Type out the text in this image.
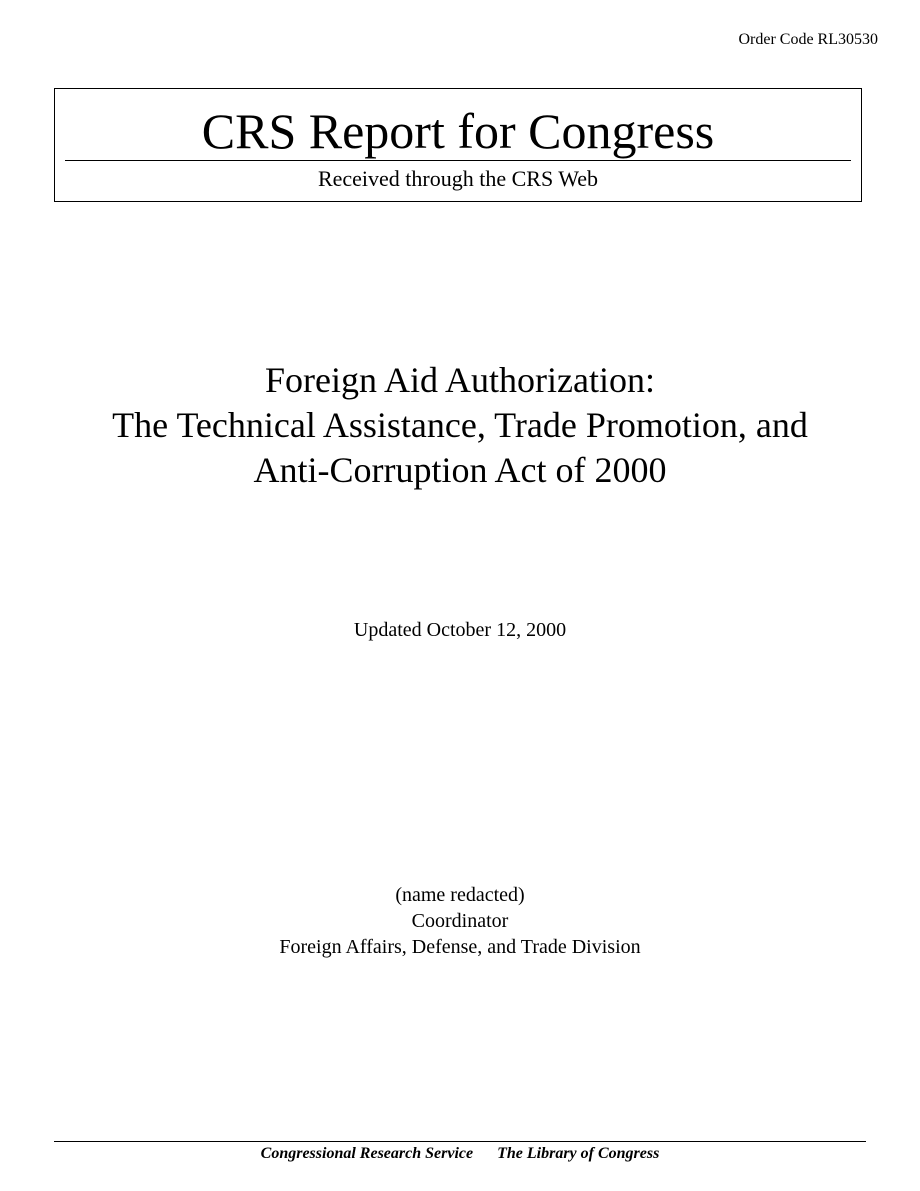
Order Code RL30530
CRS Report for Congress
Received through the CRS Web
Foreign Aid Authorization:
The Technical Assistance, Trade Promotion, and
Anti-Corruption Act of 2000
Updated October 12, 2000
(name redacted)
Coordinator
Foreign Affairs, Defense, and Trade Division
Congressional Research Service The Library of Congress
